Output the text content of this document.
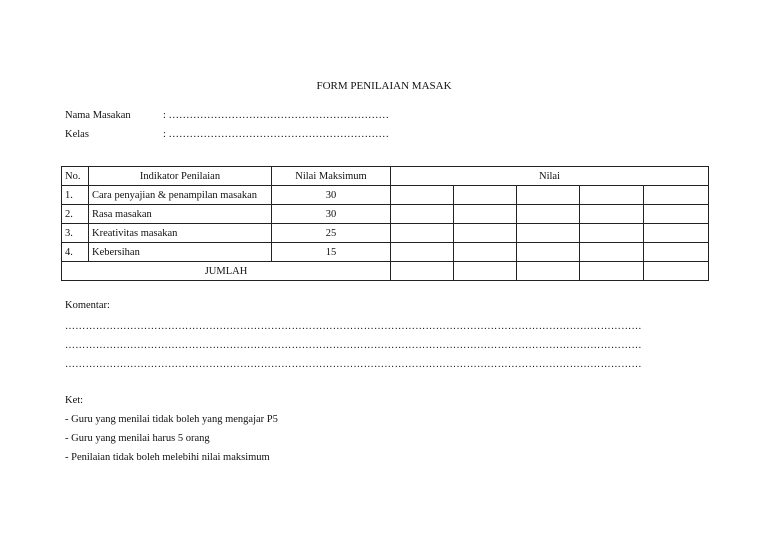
FORM PENILAIAN MASAK
Nama Masakan	: ………………………………………………………
Kelas	: ………………………………………………………
No.	Indikator Penilaian	Nilai Maksimum	Nilai				
1.	Cara penyajian & penampilan masakan	30					
2.	Rasa masakan	30					
3.	Kreativitas masakan	25					
4.	Kebersihan	15					
JUMLAH							
Komentar:
……………………………………………………………………………………………………………………………………………………
……………………………………………………………………………………………………………………………………………………
……………………………………………………………………………………………………………………………………………………
Ket:
- Guru yang menilai tidak boleh yang mengajar P5
- Guru yang menilai harus 5 orang
- Penilaian tidak boleh melebihi nilai maksimum
